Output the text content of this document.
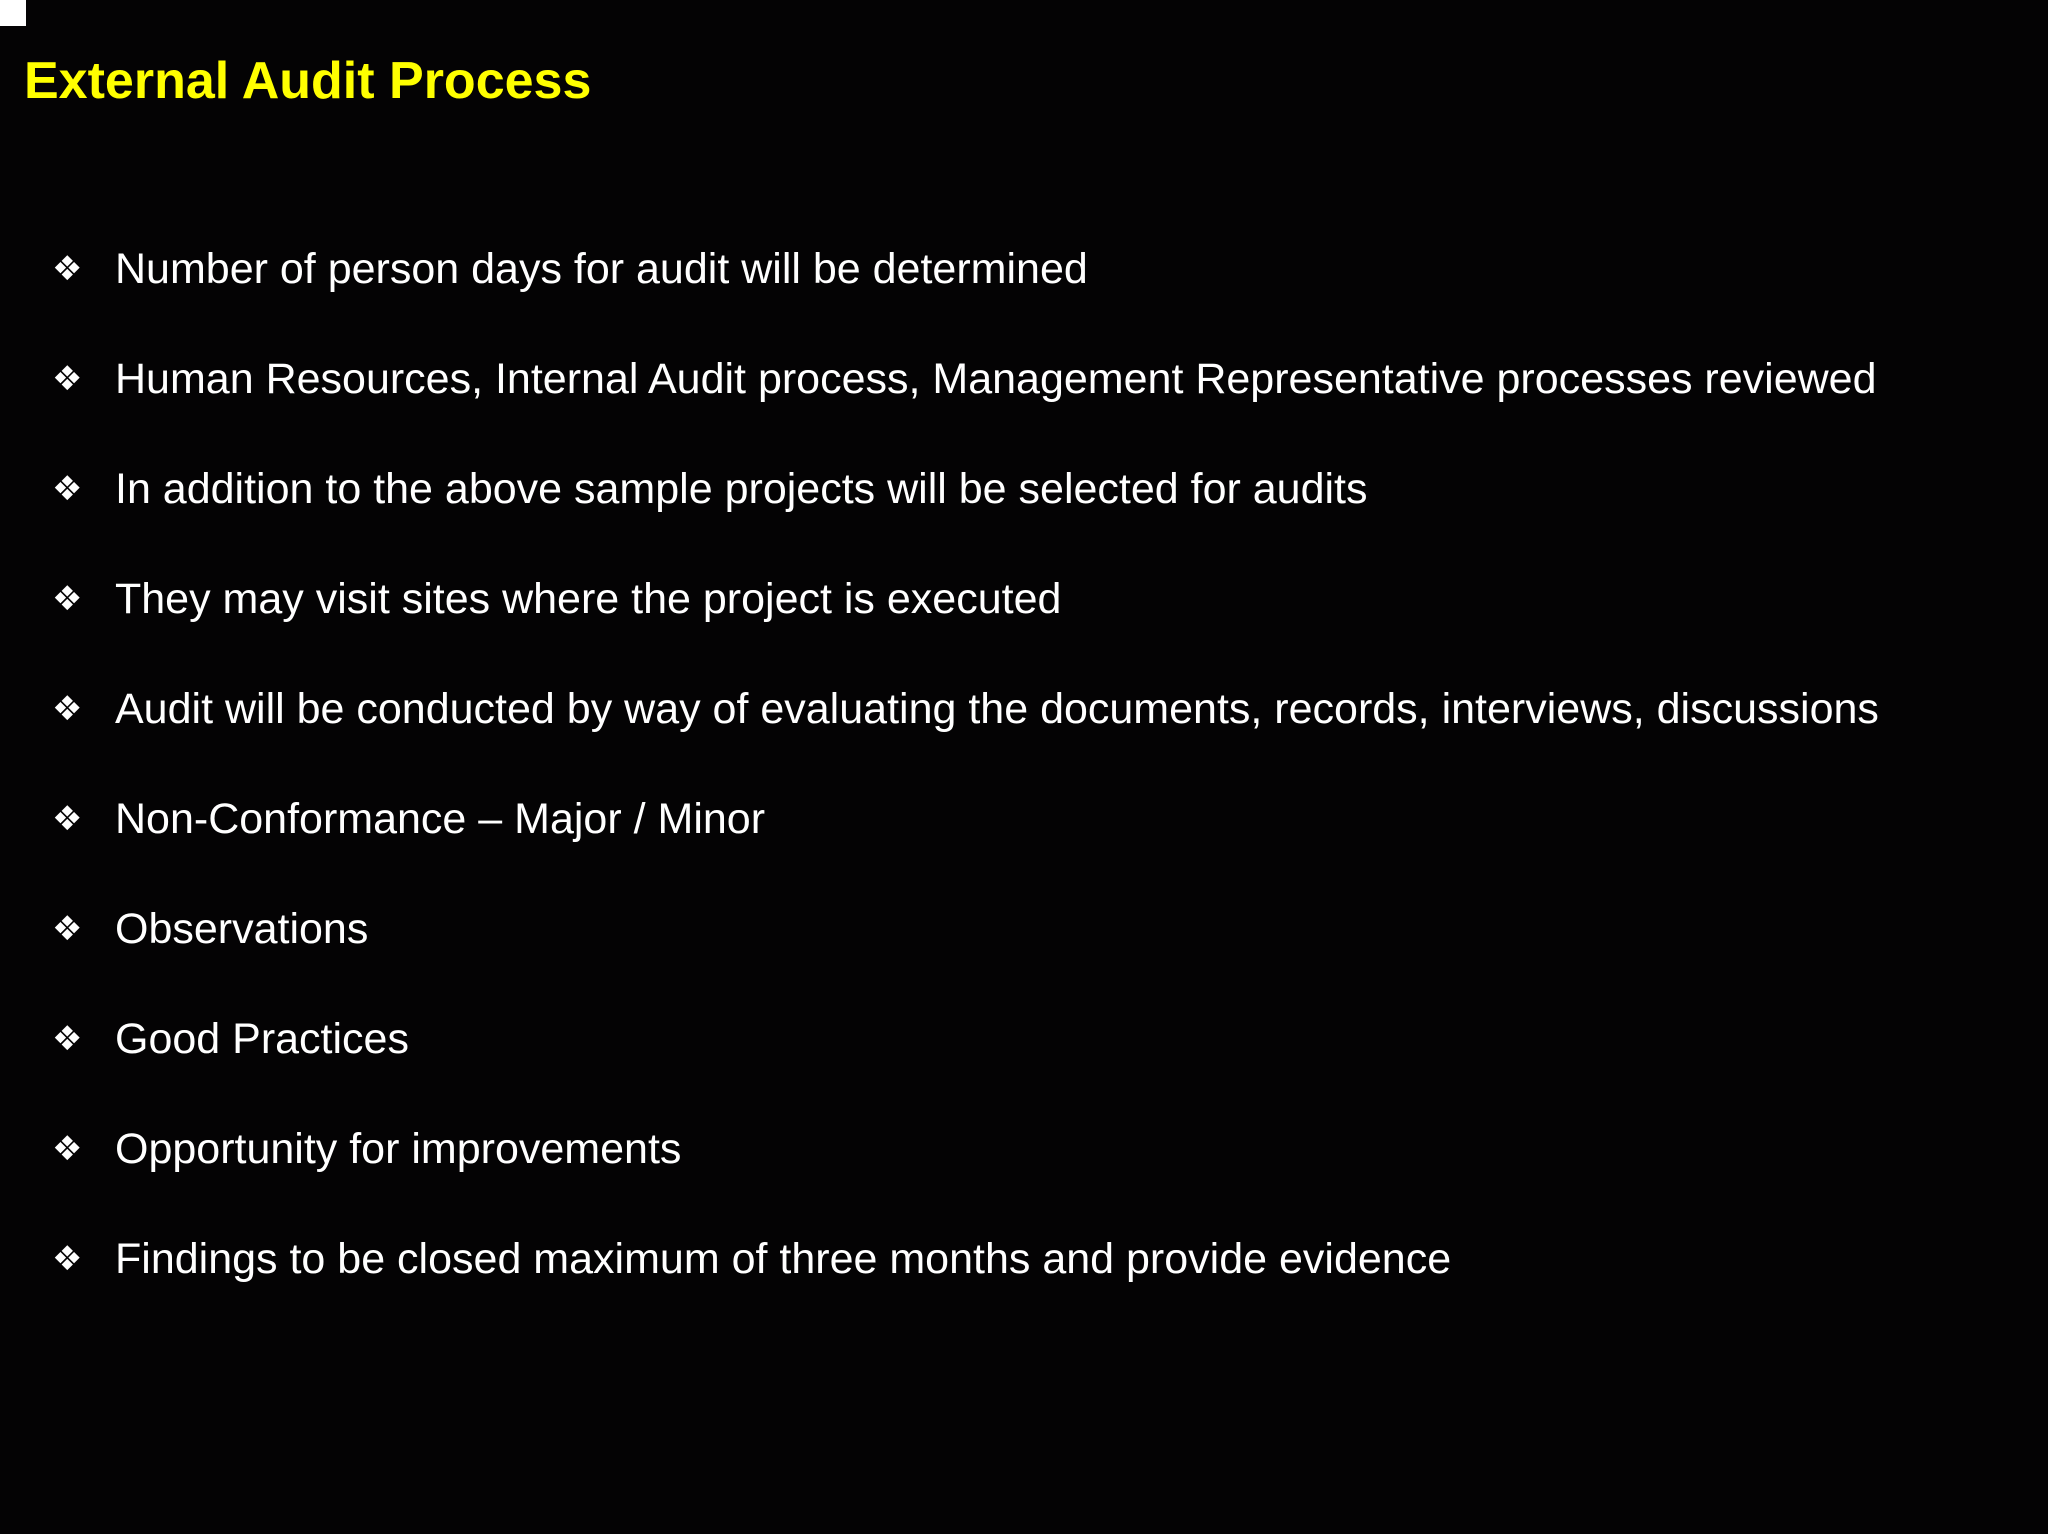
External Audit Process
❖ Number of person days for audit will be determined
❖ Human Resources, Internal Audit process, Management Representative processes reviewed
❖ In addition to the above sample projects will be selected for audits
❖ They may visit sites where the project is executed
❖ Audit will be conducted by way of evaluating the documents, records, interviews, discussions
❖ Non-Conformance – Major / Minor
❖ Observations
❖ Good Practices
❖ Opportunity for improvements
❖ Findings to be closed maximum of three months and provide evidence
